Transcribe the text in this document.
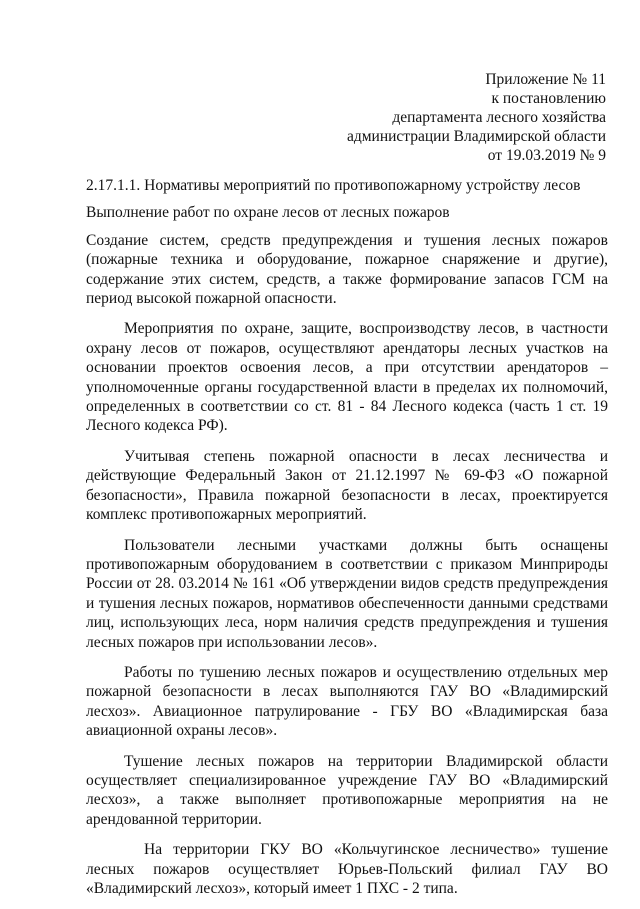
Приложение № 11
к постановлению
департамента лесного хозяйства
администрации Владимирской области
от 19.03.2019 № 9
2.17.1.1. Нормативы мероприятий по противопожарному устройству лесов
Выполнение работ по охране лесов от лесных пожаров

Создание систем, средств предупреждения и тушения лесных пожаров (пожарные техника и оборудование, пожарное снаряжение и другие), содержание этих систем, средств, а также формирование запасов ГСМ на период высокой пожарной опасности.

Мероприятия по охране, защите, воспроизводству лесов, в частности охрану лесов от пожаров, осуществляют арендаторы лесных участков на основании проектов освоения лесов, а при отсутствии арендаторов – уполномоченные органы государственной власти в пределах их полномочий, определенных в соответствии со ст. 81 - 84 Лесного кодекса (часть 1 ст. 19 Лесного кодекса РФ).

Учитывая степень пожарной опасности в лесах лесничества и действующие Федеральный Закон от 21.12.1997 № 69-ФЗ «О пожарной безопасности», Правила пожарной безопасности в лесах, проектируется комплекс противопожарных мероприятий.

Пользователи лесными участками должны быть оснащены противопожарным оборудованием в соответствии с приказом Минприроды России от 28. 03.2014 № 161 «Об утверждении видов средств предупреждения и тушения лесных пожаров, нормативов обеспеченности данными средствами лиц, использующих леса, норм наличия средств предупреждения и тушения лесных пожаров при использовании лесов».

Работы по тушению лесных пожаров и осуществлению отдельных мер пожарной безопасности в лесах выполняются ГАУ ВО «Владимирский лесхоз». Авиационное патрулирование - ГБУ ВО «Владимирская база авиационной охраны лесов».

Тушение лесных пожаров на территории Владимирской области осуществляет специализированное учреждение ГАУ ВО «Владимирский лесхоз», а также выполняет противопожарные мероприятия на не арендованной территории.

На территории ГКУ ВО «Кольчугинское лесничество» тушение лесных пожаров осуществляет Юрьев-Польский филиал ГАУ ВО «Владимирский лесхоз», который имеет 1 ПХС - 2 типа.
